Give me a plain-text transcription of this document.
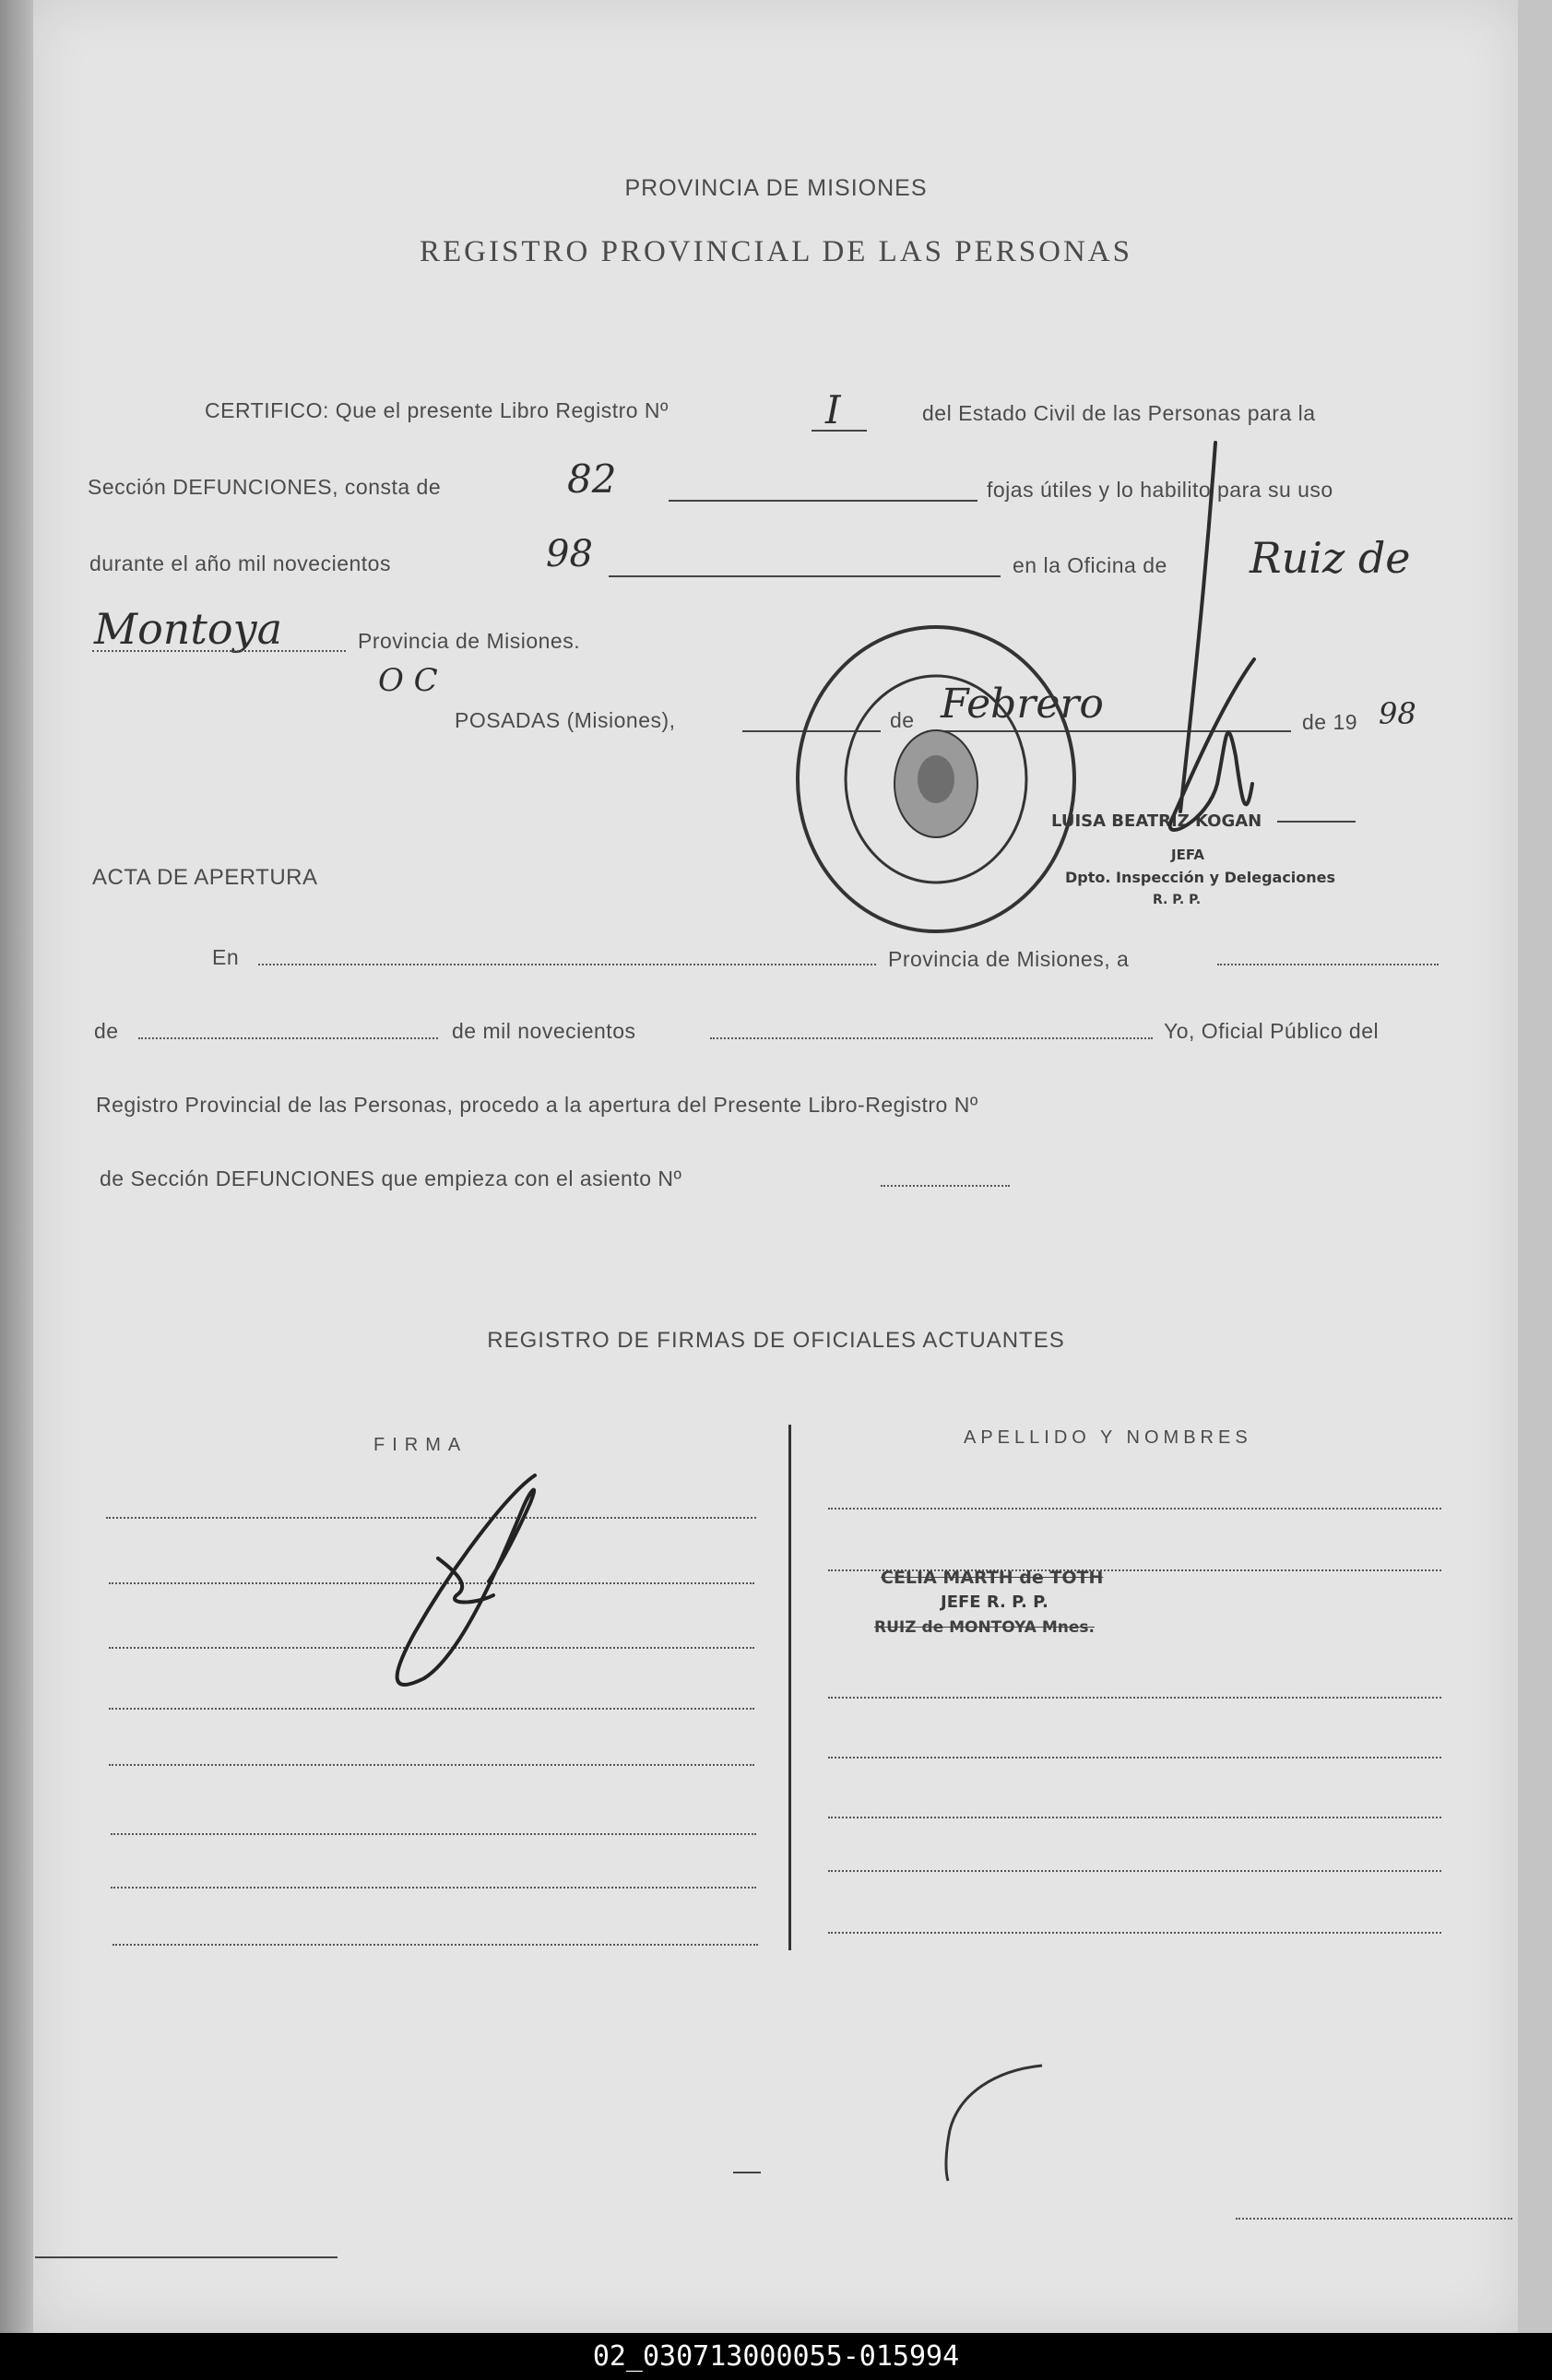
PROVINCIA DE MISIONES
REGISTRO PROVINCIAL DE LAS PERSONAS
CERTIFICO: Que el presente Libro Registro Nº	I	del Estado Civil de las Personas para la
Sección DEFUNCIONES, consta de	82	fojas útiles y lo habilito para su uso
durante el año mil novecientos	98	en la Oficina de Ruiz de
Montoya	Provincia de Misiones.
O C
POSADAS (Misiones),	de Febrero	de 19 98
LUISA BEATRIZ KOGAN
JEFA
Dpto. Inspección y Delegaciones
R. P. P.
ACTA DE APERTURA
En	Provincia de Misiones, a
de	de mil novecientos	Yo, Oficial Público del
Registro Provincial de las Personas, procedo a la apertura del Presente Libro-Registro Nº
de Sección DEFUNCIONES que empieza con el asiento Nº
REGISTRO DE FIRMAS DE OFICIALES ACTUANTES
FIRMA	APELLIDO Y NOMBRES
CELIA MARTH de TOTH
JEFE R. P. P.
RUIZ de MONTOYA Mnes.
02_030713000055-015994
